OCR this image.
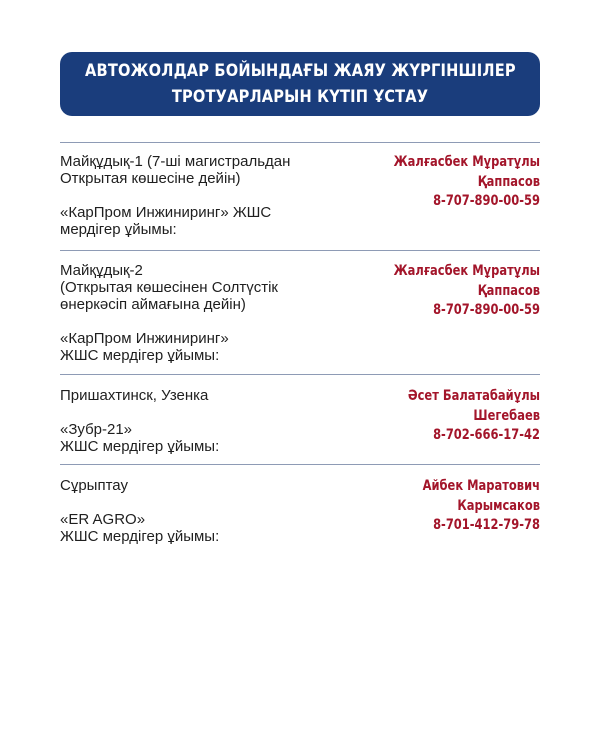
АВТОЖОЛДАР БОЙЫНДАҒЫ ЖАЯУ ЖҮРГІНШІЛЕР
ТРОТУАРЛАРЫН КҮТІП ҰСТАУ
Майқұдық-1 (7-ші магистральдан
Открытая көшесіне дейін)
«КарПром Инжиниринг» ЖШС
мердігер ұйымы:
Жалғасбек Мұратұлы
Қаппасов
8-707-890-00-59
Майқұдық-2
(Открытая көшесінен Солтүстік
өнеркәсіп аймағына дейін)
«КарПром Инжиниринг»
ЖШС мердігер ұйымы:
Жалғасбек Мұратұлы
Қаппасов
8-707-890-00-59
Пришахтинск, Узенка
«Зубр-21»
ЖШС мердігер ұйымы:
Әсет Балатабайұлы
Шегебаев
8-702-666-17-42
Сұрыптау
«ER AGRO»
ЖШС мердігер ұйымы:
Айбек Маратович
Карымсаков
8-701-412-79-78
